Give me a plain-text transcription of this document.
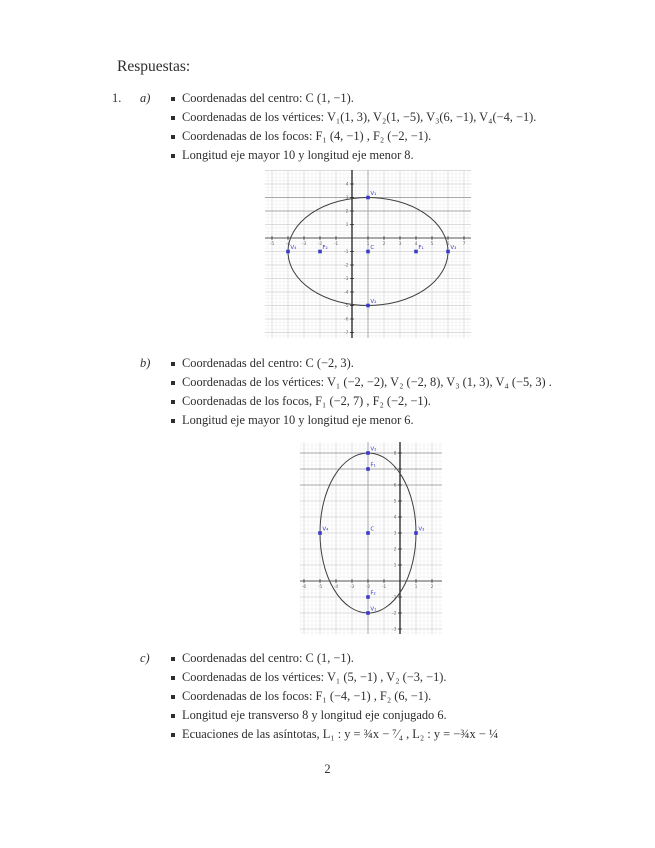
Respuestas:
1.	a)	Coordenadas del centro: C (1, −1).
Coordenadas de los vértices: V₁(1, 3), V₂(1, −5), V₃(6, −1), V₄(−4, −1).
Coordenadas de los focos: F₁ (4, −1) , F₂ (−2, −1).
Longitud eje mayor 10 y longitud eje menor 8.
-5	-4	-3	-2	-1	1	2	3	4	5	6	7
4
3
2
1
-1
-2
-3
-4
-5
-6
-7
V₁
V₂
V₃
V₄	F₁
F₂	C
b)	Coordenadas del centro: C (−2, 3).
Coordenadas de los vértices: V₁ (−2, −2), V₂ (−2, 8), V₃ (1, 3), V₄ (−5, 3) .
Coordenadas de los focos, F₁ (−2, 7) , F₂ (−2, −1).
Longitud eje mayor 10 y longitud eje menor 6.
-6	-5	-4	-3	-2	-1	1	2
8
7
6
5
4
3
2
1
-1
-2
-3
V₂
F₁
V₄	C	V₃
F₂
V₁
c)	Coordenadas del centro: C (1, −1).
Coordenadas de los vértices: V₁ (5, −1) , V₂ (−3, −1).
Coordenadas de los focos: F₁ (−4, −1) , F₂ (6, −1).
Longitud eje transverso 8 y longitud eje conjugado 6.
Ecuaciones de las asíntotas, L₁ : y = ¾x − ⁷⁄₄ , L₂ : y = −¾x − ¼
2
